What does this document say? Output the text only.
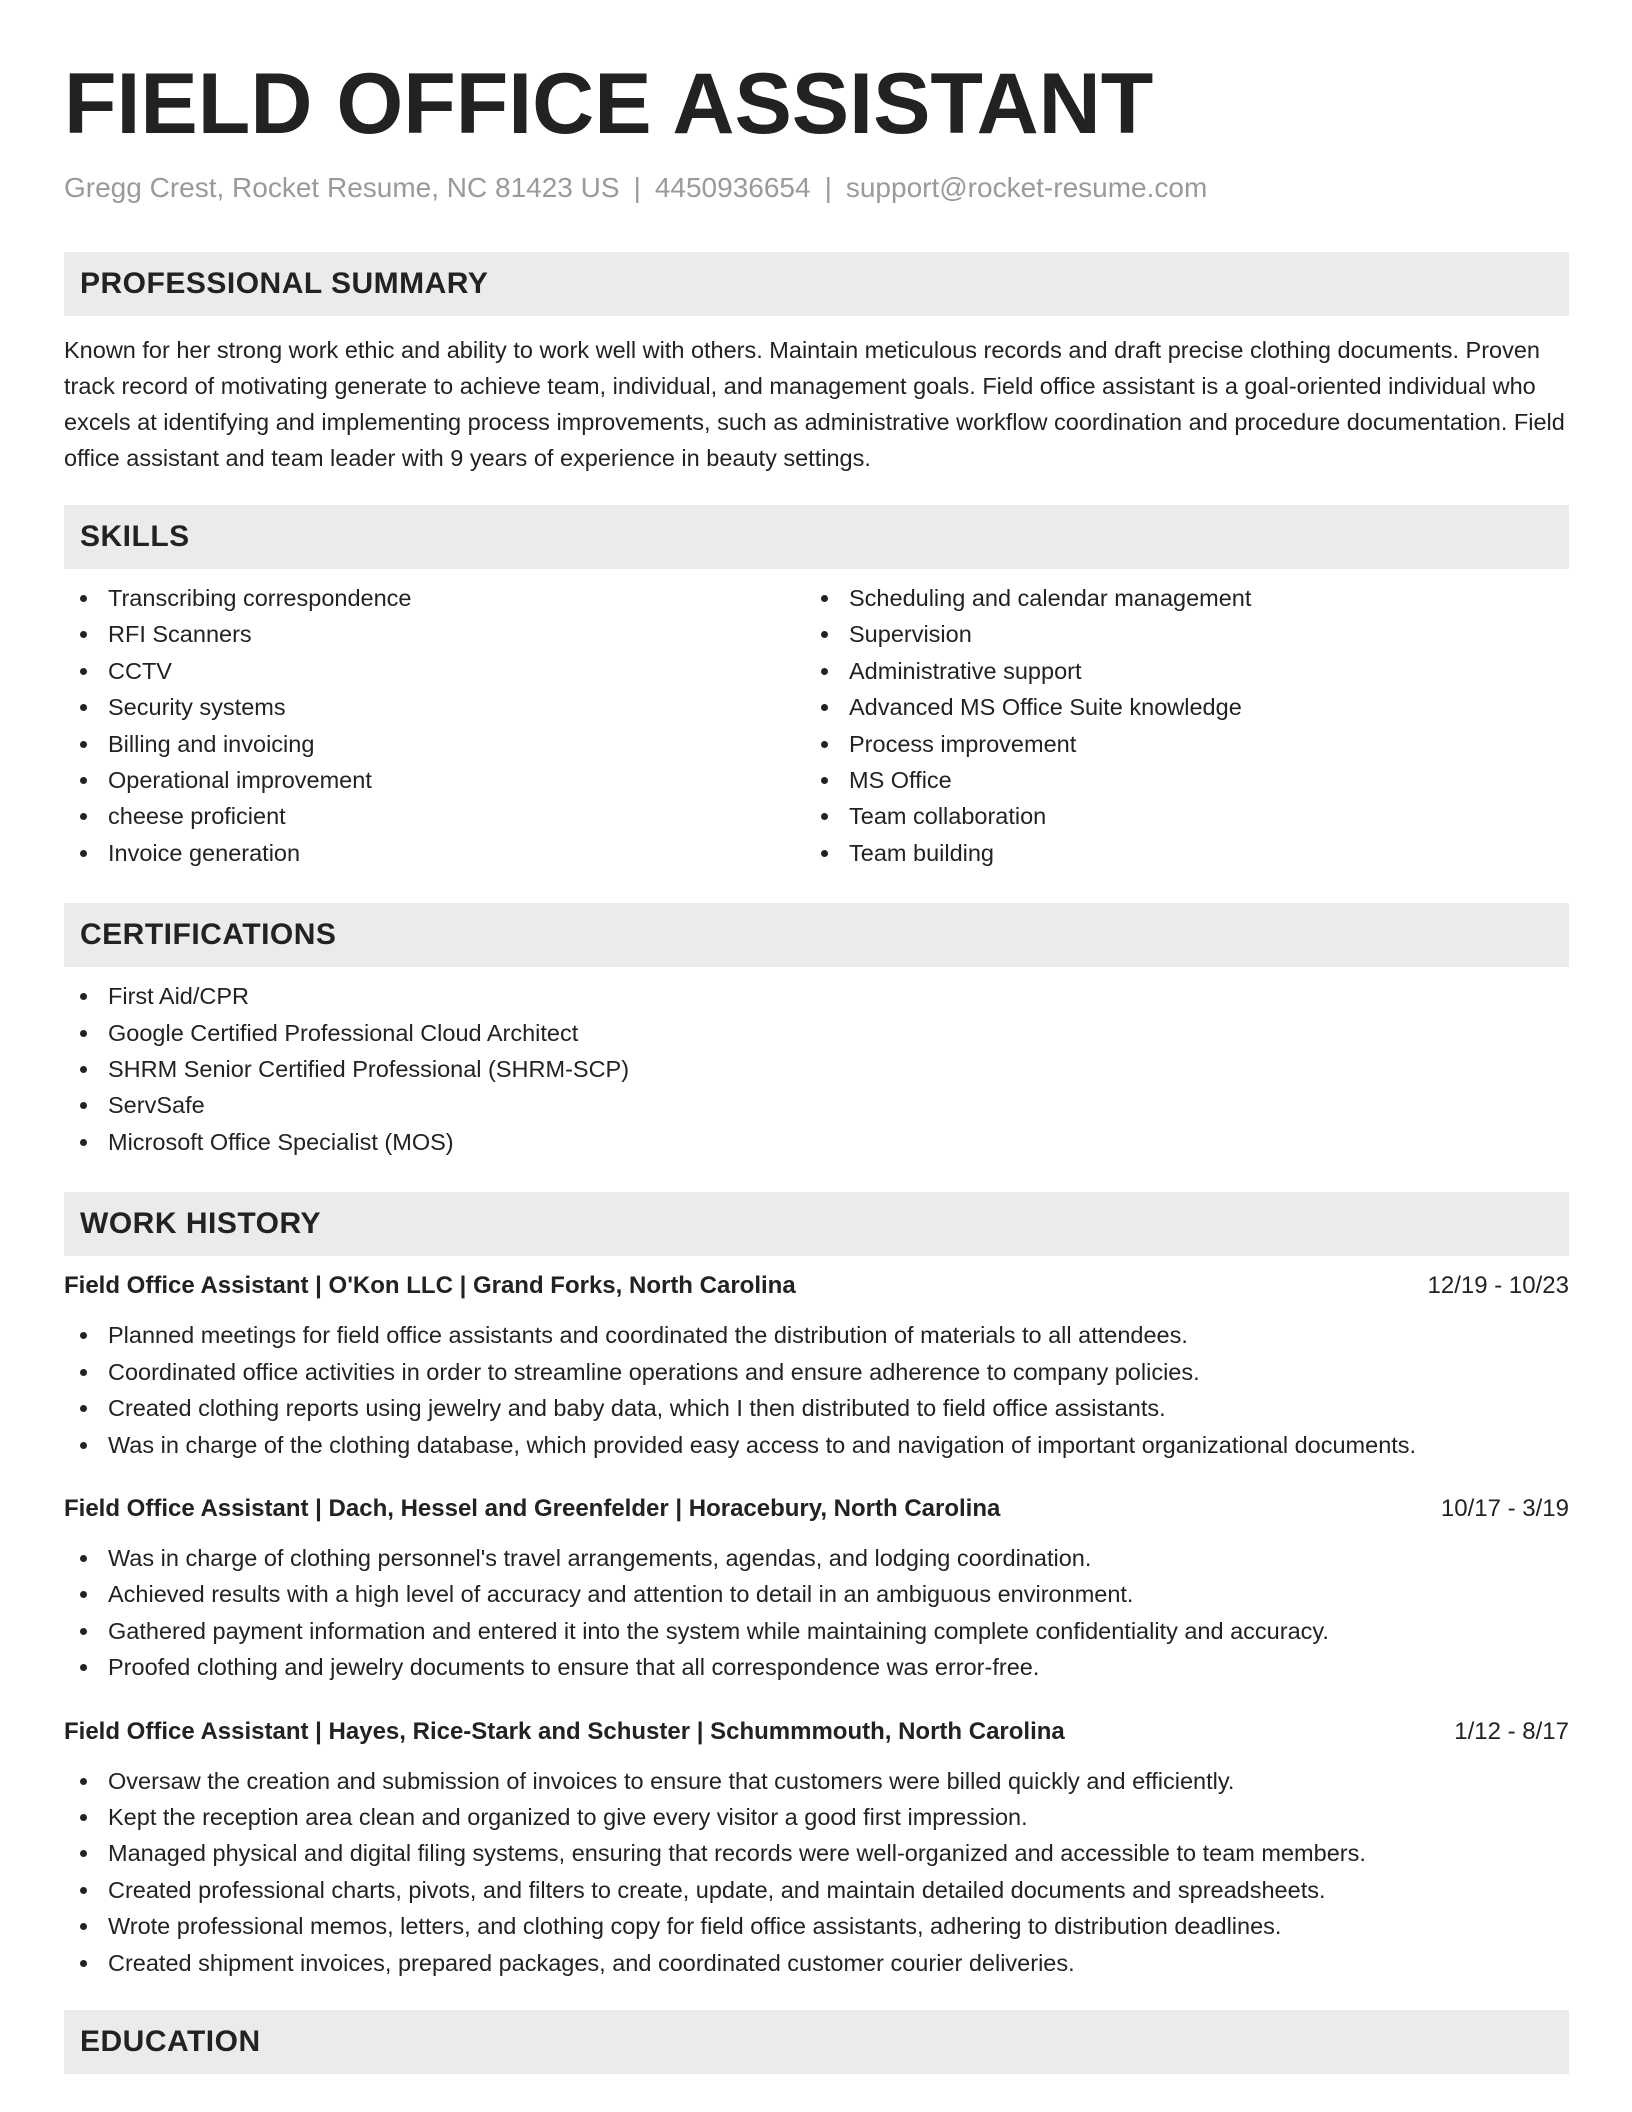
FIELD OFFICE ASSISTANT
Gregg Crest, Rocket Resume, NC 81423 US | 4450936654 | support@rocket-resume.com
PROFESSIONAL SUMMARY

Known for her strong work ethic and ability to work well with others. Maintain meticulous records and draft precise clothing documents. Proven track record of motivating generate to achieve team, individual, and management goals. Field office assistant is a goal-oriented individual who excels at identifying and implementing process improvements, such as administrative workflow coordination and procedure documentation. Field office assistant and team leader with 9 years of experience in beauty settings.

SKILLS
Transcribing correspondence
RFI Scanners
CCTV
Security systems
Billing and invoicing
Operational improvement
cheese proficient
Invoice generation
Scheduling and calendar management
Supervision
Administrative support
Advanced MS Office Suite knowledge
Process improvement
MS Office
Team collaboration
Team building
CERTIFICATIONS
First Aid/CPR
Google Certified Professional Cloud Architect
SHRM Senior Certified Professional (SHRM-SCP)
ServSafe
Microsoft Office Specialist (MOS)
WORK HISTORY
Field Office Assistant | O'Kon LLC | Grand Forks, North Carolina	12/19 - 10/23
Planned meetings for field office assistants and coordinated the distribution of materials to all attendees.
Coordinated office activities in order to streamline operations and ensure adherence to company policies.
Created clothing reports using jewelry and baby data, which I then distributed to field office assistants.
Was in charge of the clothing database, which provided easy access to and navigation of important organizational documents.
Field Office Assistant | Dach, Hessel and Greenfelder | Horacebury, North Carolina	10/17 - 3/19
Was in charge of clothing personnel's travel arrangements, agendas, and lodging coordination.
Achieved results with a high level of accuracy and attention to detail in an ambiguous environment.
Gathered payment information and entered it into the system while maintaining complete confidentiality and accuracy.
Proofed clothing and jewelry documents to ensure that all correspondence was error-free.
Field Office Assistant | Hayes, Rice-Stark and Schuster | Schummmouth, North Carolina	1/12 - 8/17
Oversaw the creation and submission of invoices to ensure that customers were billed quickly and efficiently.
Kept the reception area clean and organized to give every visitor a good first impression.
Managed physical and digital filing systems, ensuring that records were well-organized and accessible to team members.
Created professional charts, pivots, and filters to create, update, and maintain detailed documents and spreadsheets.
Wrote professional memos, letters, and clothing copy for field office assistants, adhering to distribution deadlines.
Created shipment invoices, prepared packages, and coordinated customer courier deliveries.
EDUCATION
